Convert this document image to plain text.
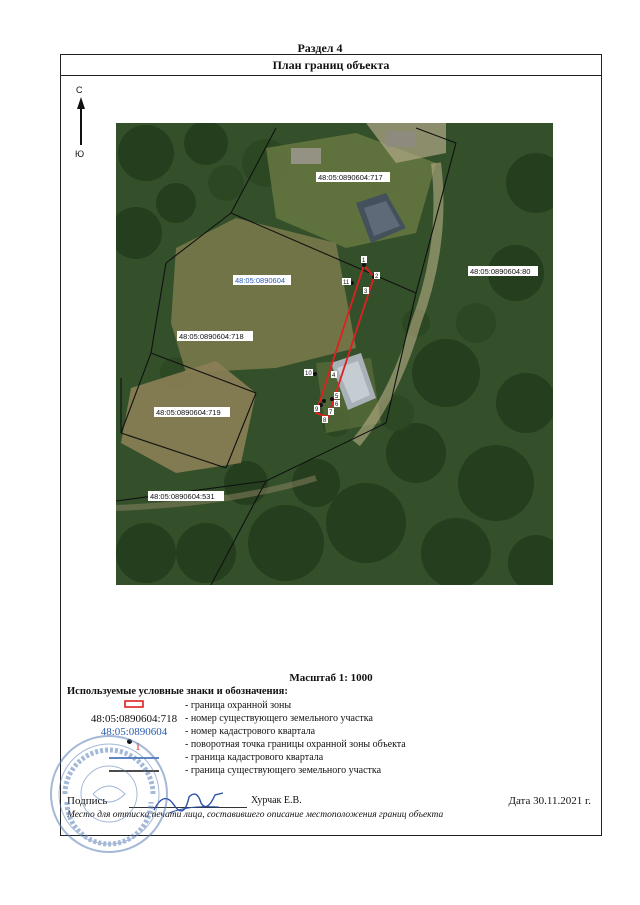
Раздел 4
План границ объекта
С
Ю
1
2
3
4
5
6
7
8
9
10
11
48:05:0890604:717
48:05:0890604:80
48:05:0890604
48:05:0890604:718
48:05:0890604:719
48:05:0890604:531
Масштаб 1: 1000
Используемые условные знаки и обозначения:
- граница охранной зоны
48:05:0890604:718 - номер существующего земельного участка
48:05:0890604	- номер кадастрового квартала
1	- поворотная точка границы охранной зоны объекта
- граница кадастрового квартала
- граница существующего земельного участка
Подпись	Хурчак Е.В.	Дата 30.11.2021 г.
Место для оттиска печати лица, составившего описание местоположения границ объекта
